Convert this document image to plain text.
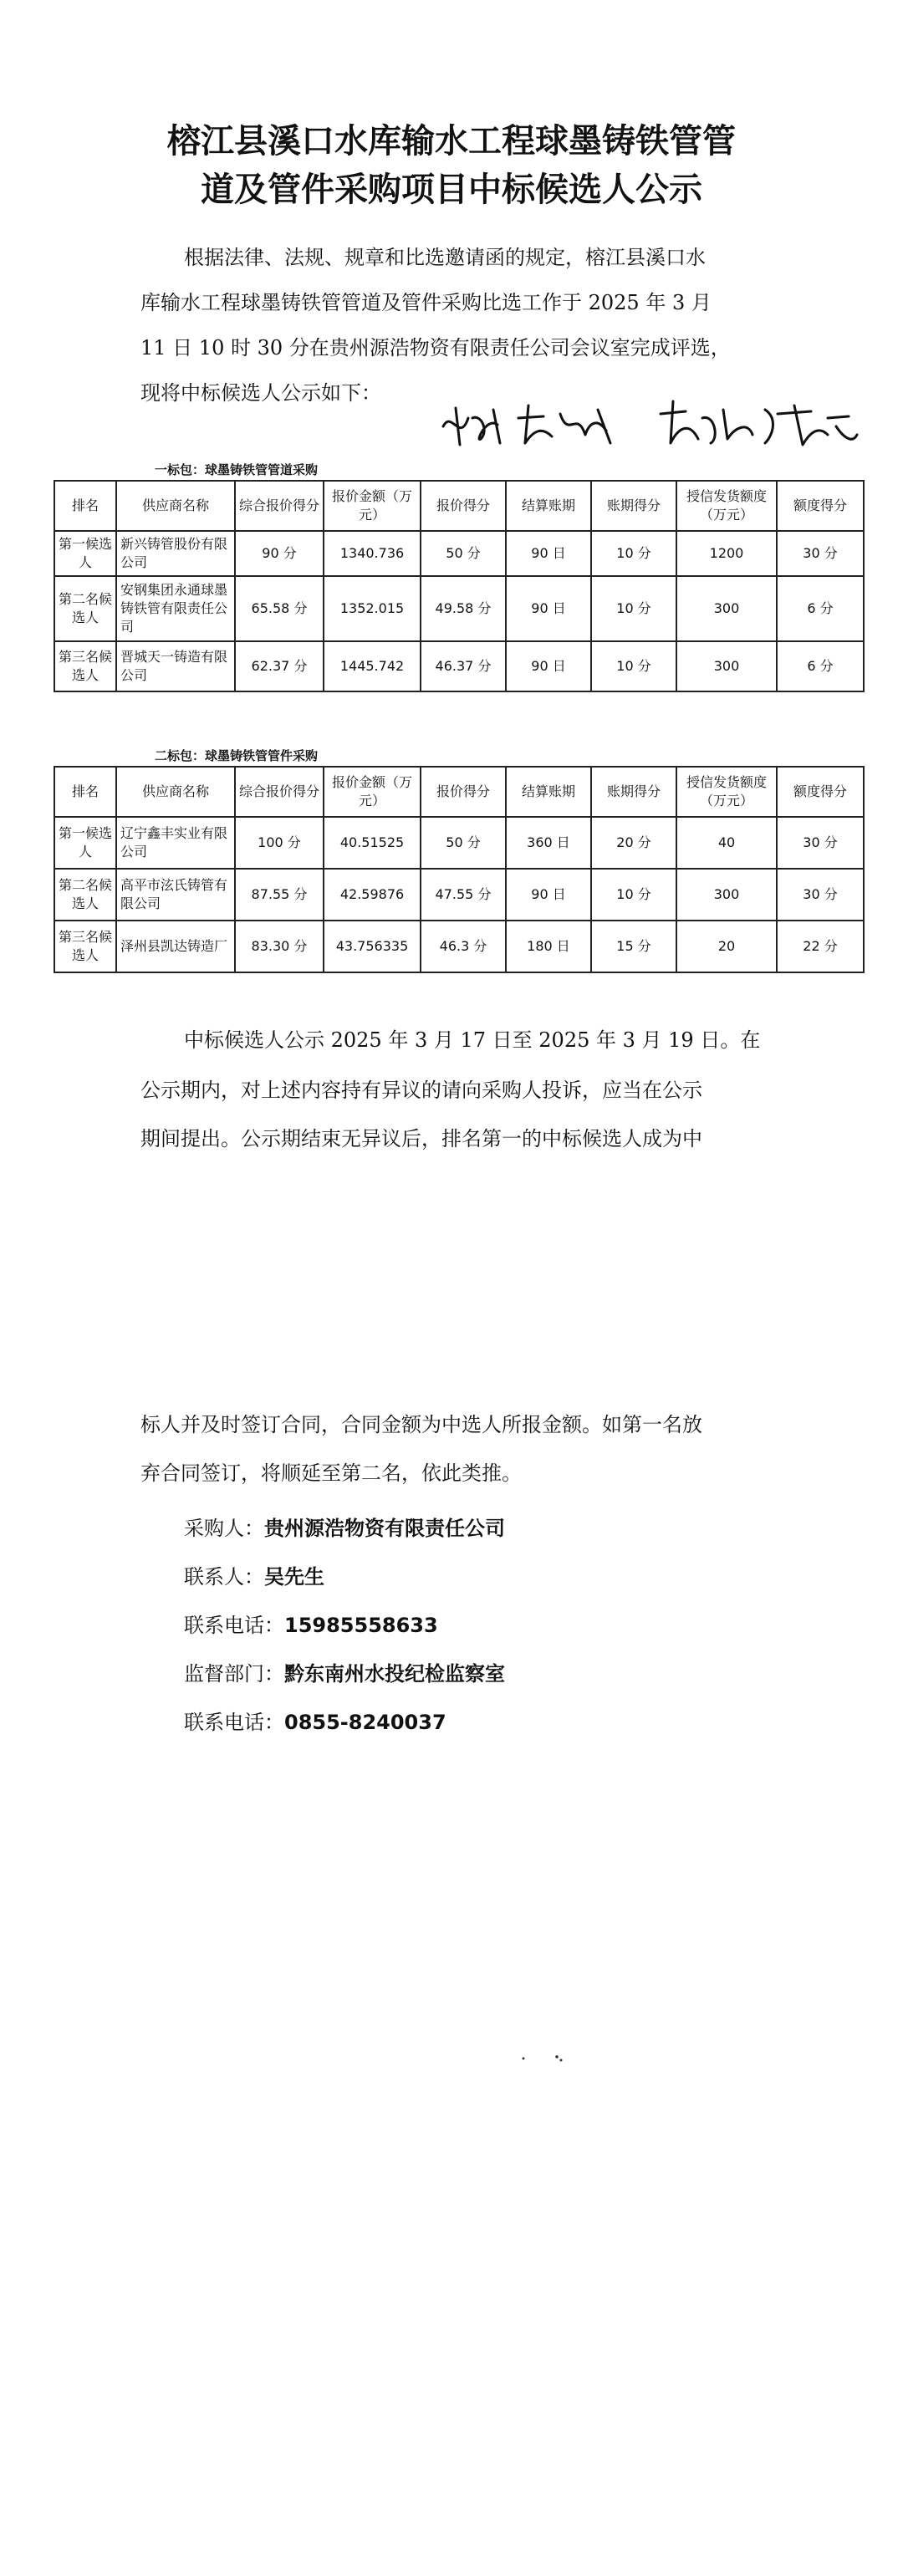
榕江县溪口水库输水工程球墨铸铁管管
道及管件采购项目中标候选人公示

根据法律、法规、规章和比选邀请函的规定，榕江县溪口水

库输水工程球墨铸铁管管道及管件采购比选工作于 2025 年 3 月

11 日 10 时 30 分在贵州源浩物资有限责任公司会议室完成评选，

现将中标候选人公示如下：

一标包：球墨铸铁管管道采购

排名	供应商名称	综合报价得分	报价金额（万元）	报价得分	结算账期	账期得分	授信发货额度（万元）	额度得分
第一候选人	新兴铸管股份有限公司	90 分	1340.736	50 分	90 日	10 分	1200	30 分
第二名候选人	安钢集团永通球墨铸铁管有限责任公司	65.58 分	1352.015	49.58 分	90 日	10 分	300	6 分
第三名候选人	晋城天一铸造有限公司	62.37 分	1445.742	46.37 分	90 日	10 分	300	6 分

二标包：球墨铸铁管管件采购

排名	供应商名称	综合报价得分	报价金额（万元）	报价得分	结算账期	账期得分	授信发货额度（万元）	额度得分
第一候选人	辽宁鑫丰实业有限公司	100 分	40.51525	50 分	360 日	20 分	40	30 分
第二名候选人	高平市泫氏铸管有限公司	87.55 分	42.59876	47.55 分	90 日	10 分	300	30 分
第三名候选人	泽州县凯达铸造厂	83.30 分	43.756335	46.3 分	180 日	15 分	20	22 分

中标候选人公示 2025 年 3 月 17 日至 2025 年 3 月 19 日。在

公示期内，对上述内容持有异议的请向采购人投诉，应当在公示

期间提出。公示期结束无异议后，排名第一的中标候选人成为中

标人并及时签订合同，合同金额为中选人所报金额。如第一名放

弃合同签订，将顺延至第二名，依此类推。

采购人：贵州源浩物资有限责任公司

联系人：吴先生

联系电话：15985558633

监督部门：黔东南州水投纪检监察室

联系电话：0855-8240037
